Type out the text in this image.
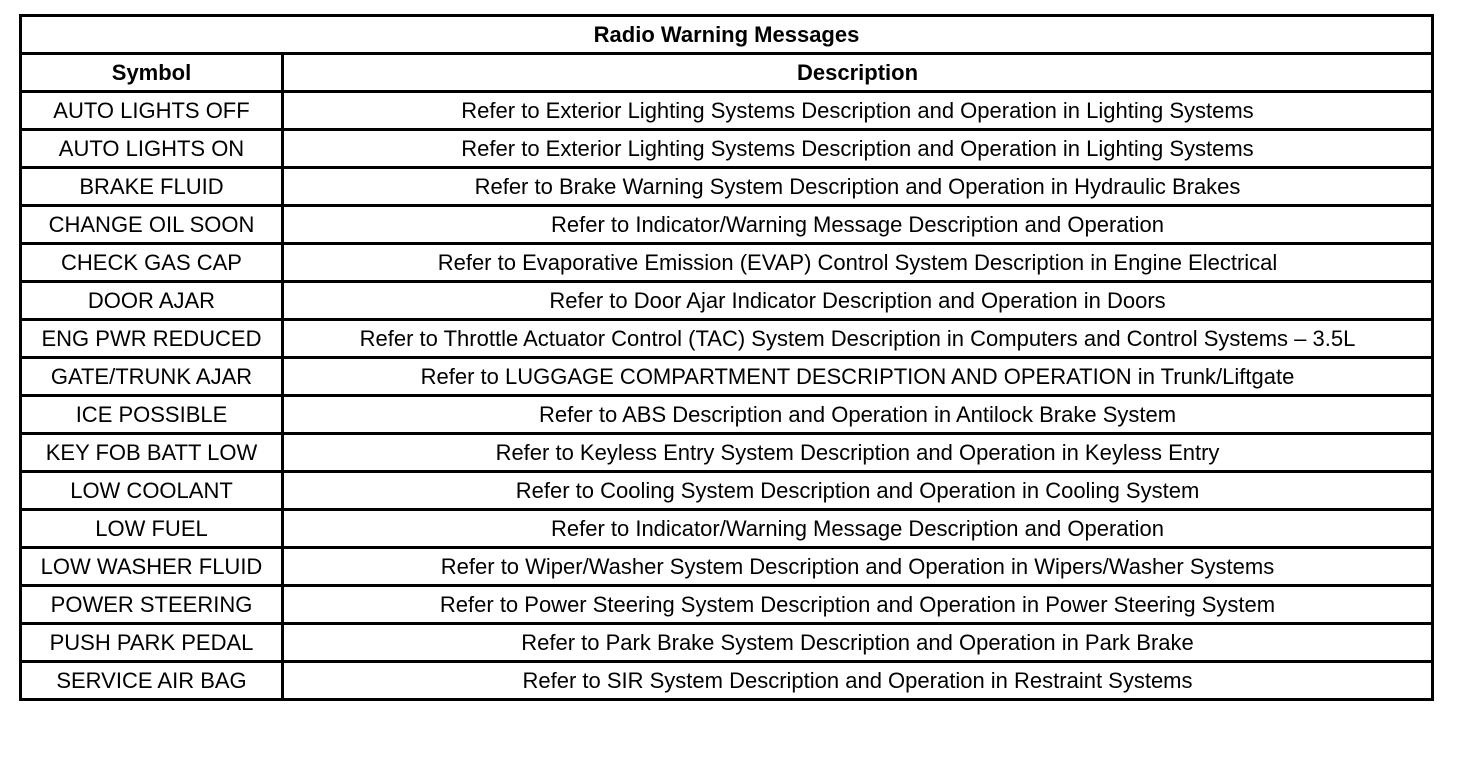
Radio Warning Messages	
Symbol	Description
AUTO LIGHTS OFF	Refer to Exterior Lighting Systems Description and Operation in Lighting Systems
AUTO LIGHTS ON	Refer to Exterior Lighting Systems Description and Operation in Lighting Systems
BRAKE FLUID	Refer to Brake Warning System Description and Operation in Hydraulic Brakes
CHANGE OIL SOON	Refer to Indicator/Warning Message Description and Operation
CHECK GAS CAP	Refer to Evaporative Emission (EVAP) Control System Description in Engine Electrical
DOOR AJAR	Refer to Door Ajar Indicator Description and Operation in Doors
ENG PWR REDUCED	Refer to Throttle Actuator Control (TAC) System Description in Computers and Control Systems – 3.5L
GATE/TRUNK AJAR	Refer to LUGGAGE COMPARTMENT DESCRIPTION AND OPERATION in Trunk/Liftgate
ICE POSSIBLE	Refer to ABS Description and Operation in Antilock Brake System
KEY FOB BATT LOW	Refer to Keyless Entry System Description and Operation in Keyless Entry
LOW COOLANT	Refer to Cooling System Description and Operation in Cooling System
LOW FUEL	Refer to Indicator/Warning Message Description and Operation
LOW WASHER FLUID	Refer to Wiper/Washer System Description and Operation in Wipers/Washer Systems
POWER STEERING	Refer to Power Steering System Description and Operation in Power Steering System
PUSH PARK PEDAL	Refer to Park Brake System Description and Operation in Park Brake
SERVICE AIR BAG	Refer to SIR System Description and Operation in Restraint Systems
